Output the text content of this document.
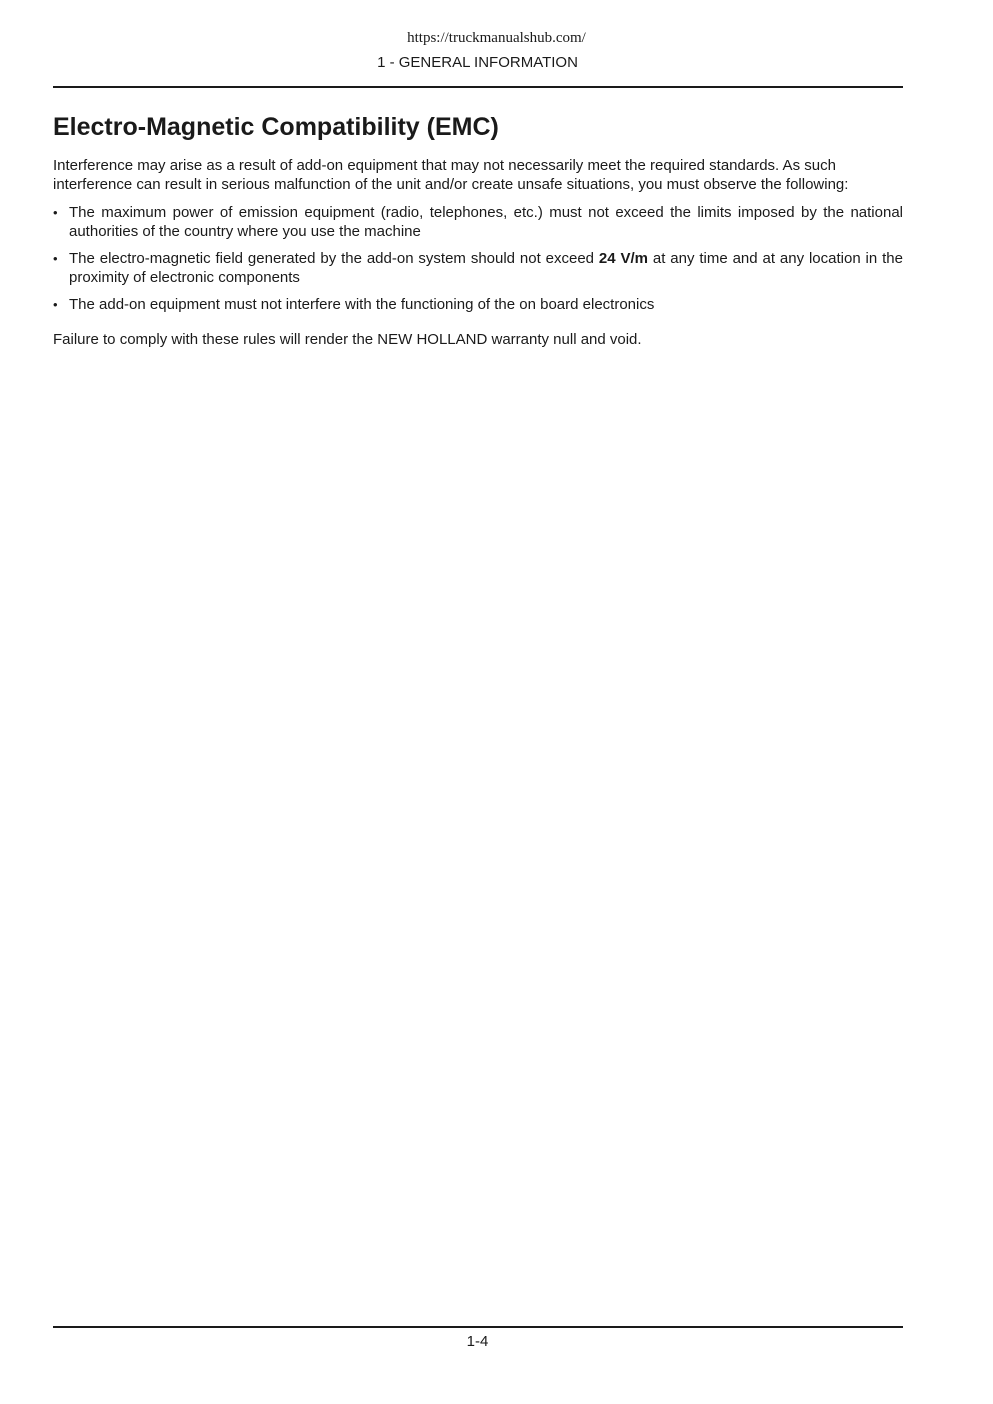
https://truckmanualshub.com/
1 - GENERAL INFORMATION
Electro-Magnetic Compatibility (EMC)

Interference may arise as a result of add-on equipment that may not necessarily meet the required standards. As such interference can result in serious malfunction of the unit and/or create unsafe situations, you must observe the following:

• The maximum power of emission equipment (radio, telephones, etc.) must not exceed the limits imposed by the national authorities of the country where you use the machine
• The electro-magnetic field generated by the add-on system should not exceed 24 V/m at any time and at any location in the proximity of electronic components
• The add-on equipment must not interfere with the functioning of the on board electronics

Failure to comply with these rules will render the NEW HOLLAND warranty null and void.

1-4
